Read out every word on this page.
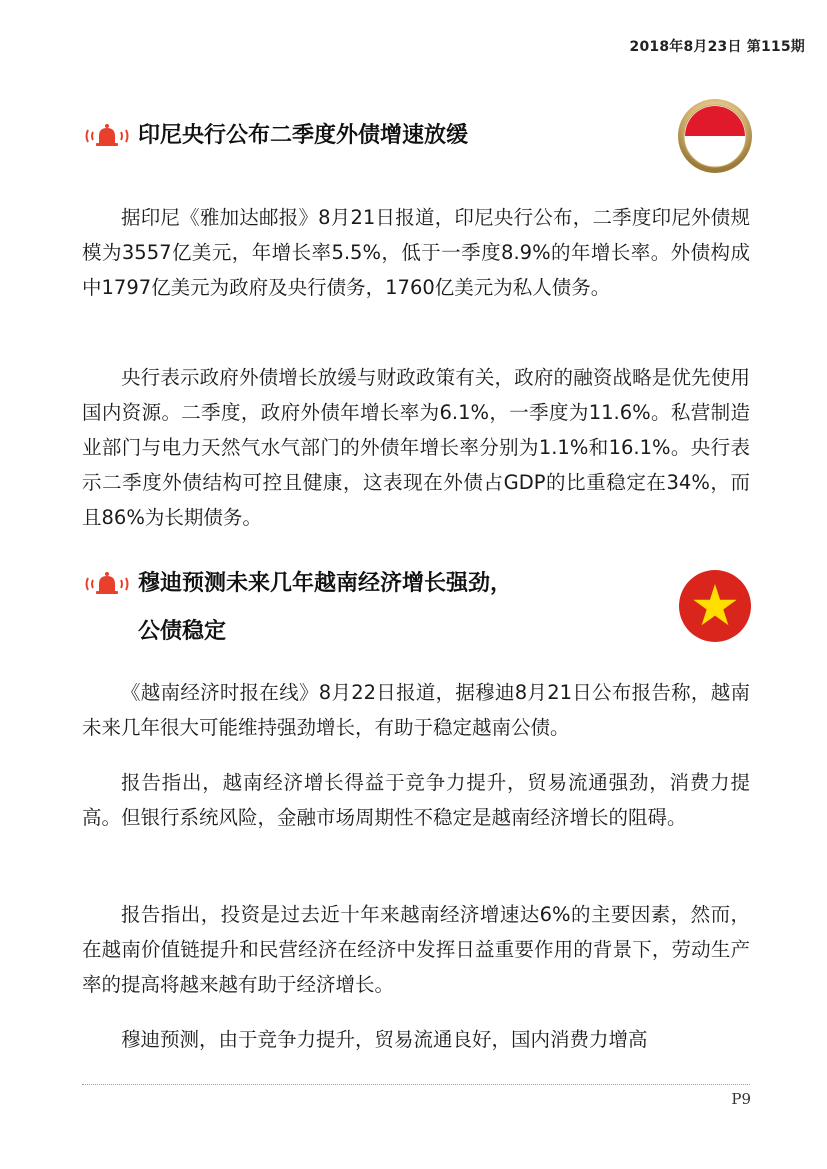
2018年8月23日 第115期
印尼央行公布二季度外债增速放缓

据印尼《雅加达邮报》8月21日报道，印尼央行公布，二季度印尼外债规模为3557亿美元，年增长率5.5%，低于一季度8.9%的年增长率。外债构成中1797亿美元为政府及央行债务，1760亿美元为私人债务。

央行表示政府外债增长放缓与财政政策有关，政府的融资战略是优先使用国内资源。二季度，政府外债年增长率为6.1%，一季度为11.6%。私营制造业部门与电力天然气水气部门的外债年增长率分别为1.1%和16.1%。央行表示二季度外债结构可控且健康，这表现在外债占GDP的比重稳定在34%，而且86%为长期债务。

穆迪预测未来几年越南经济增长强劲，
公债稳定

《越南经济时报在线》8月22日报道，据穆迪8月21日公布报告称，越南未来几年很大可能维持强劲增长，有助于稳定越南公债。

报告指出，越南经济增长得益于竞争力提升，贸易流通强劲，消费力提高。但银行系统风险，金融市场周期性不稳定是越南经济增长的阻碍。

报告指出，投资是过去近十年来越南经济增速达6%的主要因素，然而，在越南价值链提升和民营经济在经济中发挥日益重要作用的背景下，劳动生产率的提高将越来越有助于经济增长。

穆迪预测，由于竞争力提升，贸易流通良好，国内消费力增高

P9
